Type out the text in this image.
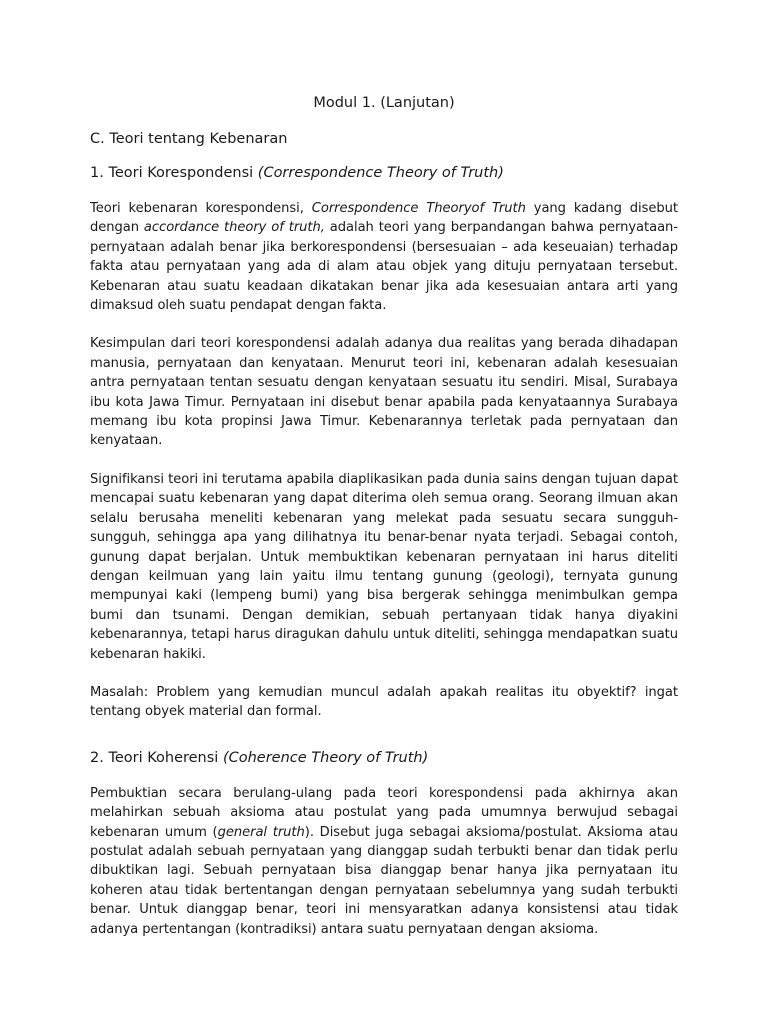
Modul 1. (Lanjutan)
C. Teori tentang Kebenaran
1. Teori Korespondensi (Correspondence Theory of Truth)

Teori kebenaran korespondensi, Correspondence Theoryof Truth yang kadang disebut dengan accordance theory of truth, adalah teori yang berpandangan bahwa pernyataan-pernyataan adalah benar jika berkorespondensi (bersesuaian – ada keseuaian) terhadap fakta atau pernyataan yang ada di alam atau objek yang dituju pernyataan tersebut. Kebenaran atau suatu keadaan dikatakan benar jika ada kesesuaian antara arti yang dimaksud oleh suatu pendapat dengan fakta.

Kesimpulan dari teori korespondensi adalah adanya dua realitas yang berada dihadapan manusia, pernyataan dan kenyataan. Menurut teori ini, kebenaran adalah kesesuaian antra pernyataan tentan sesuatu dengan kenyataan sesuatu itu sendiri. Misal, Surabaya ibu kota Jawa Timur. Pernyataan ini disebut benar apabila pada kenyataannya Surabaya memang ibu kota propinsi Jawa Timur. Kebenarannya terletak pada pernyataan dan kenyataan.

Signifikansi teori ini terutama apabila diaplikasikan pada dunia sains dengan tujuan dapat mencapai suatu kebenaran yang dapat diterima oleh semua orang. Seorang ilmuan akan selalu berusaha meneliti kebenaran yang melekat pada sesuatu secara sungguh-sungguh, sehingga apa yang dilihatnya itu benar-benar nyata terjadi. Sebagai contoh, gunung dapat berjalan. Untuk membuktikan kebenaran pernyataan ini harus diteliti dengan keilmuan yang lain yaitu ilmu tentang gunung (geologi), ternyata gunung mempunyai kaki (lempeng bumi) yang bisa bergerak sehingga menimbulkan gempa bumi dan tsunami. Dengan demikian, sebuah pertanyaan tidak hanya diyakini kebenarannya, tetapi harus diragukan dahulu untuk diteliti, sehingga mendapatkan suatu kebenaran hakiki.

Masalah: Problem yang kemudian muncul adalah apakah realitas itu obyektif? ingat tentang obyek material dan formal.

2. Teori Koherensi (Coherence Theory of Truth)

Pembuktian secara berulang-ulang pada teori korespondensi pada akhirnya akan melahirkan sebuah aksioma atau postulat yang pada umumnya berwujud sebagai kebenaran umum (general truth). Disebut juga sebagai aksioma/postulat. Aksioma atau postulat adalah sebuah pernyataan yang dianggap sudah terbukti benar dan tidak perlu dibuktikan lagi. Sebuah pernyataan bisa dianggap benar hanya jika pernyataan itu koheren atau tidak bertentangan dengan pernyataan sebelumnya yang sudah terbukti benar. Untuk dianggap benar, teori ini mensyaratkan adanya konsistensi atau tidak adanya pertentangan (kontradiksi) antara suatu pernyataan dengan aksioma.
